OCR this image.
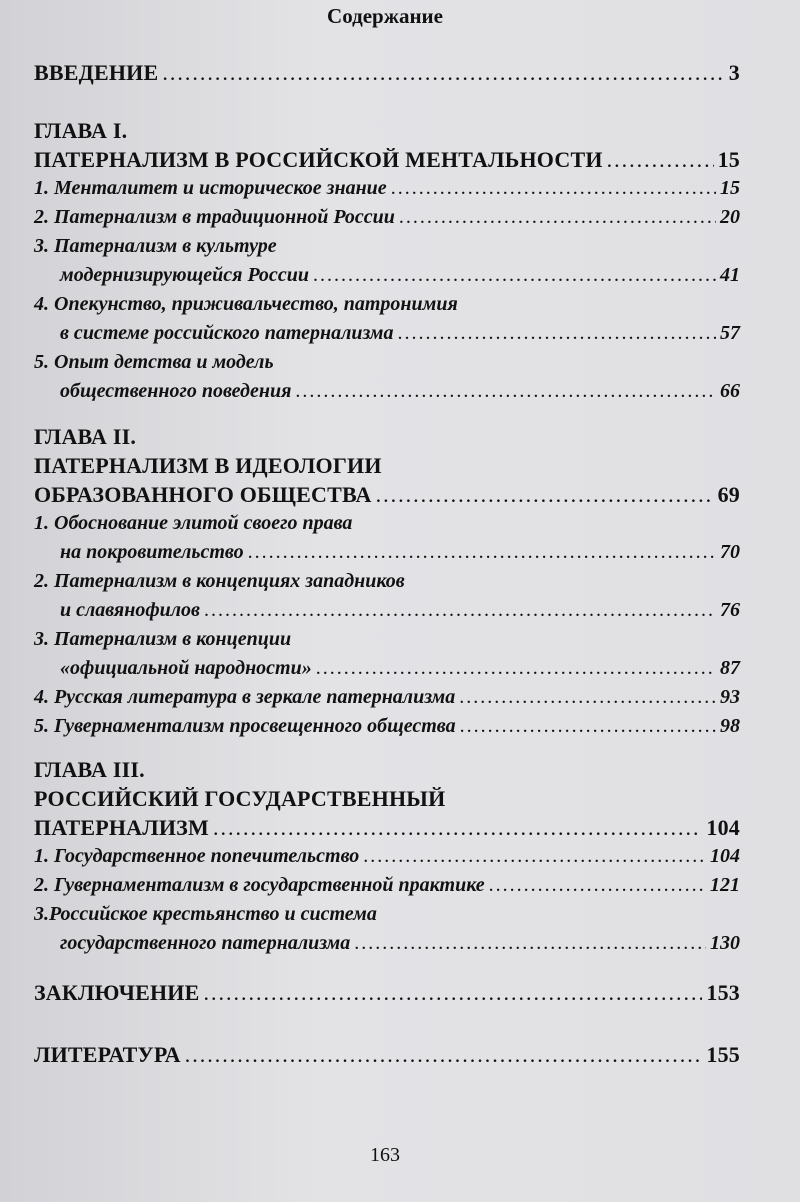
Содержание
ВВЕДЕНИЕ .....	3
ГЛАВА I.
ПАТЕРНАЛИЗМ В РОССИЙСКОЙ МЕНТАЛЬНОСТИ .....	15
1. Менталитет и историческое знание .....	15
2. Патернализм в традиционной России .....	20
3. Патернализм в культуре
модернизирующейся России .....	41
4. Опекунство, приживальчество, патронимия
в системе российского патернализма .....	57
5. Опыт детства и модель
общественного поведения .....	66
ГЛАВА II.
ПАТЕРНАЛИЗМ В ИДЕОЛОГИИ
ОБРАЗОВАННОГО ОБЩЕСТВА .....	69
1. Обоснование элитой своего права
на покровительство .....	70
2. Патернализм в концепциях западников
и славянофилов .....	76
3. Патернализм в концепции
«официальной народности» .....	87
4. Русская литература в зеркале патернализма .....	93
5. Гувернаментализм просвещенного общества .....	98
ГЛАВА III.
РОССИЙСКИЙ ГОСУДАРСТВЕННЫЙ
ПАТЕРНАЛИЗМ .....	104
1. Государственное попечительство .....	104
2. Гувернаментализм в государственной практике .....	121
3.Российское крестьянство и система
государственного патернализма .....	130
ЗАКЛЮЧЕНИЕ .....	153
ЛИТЕРАТУРА .....	155
163
